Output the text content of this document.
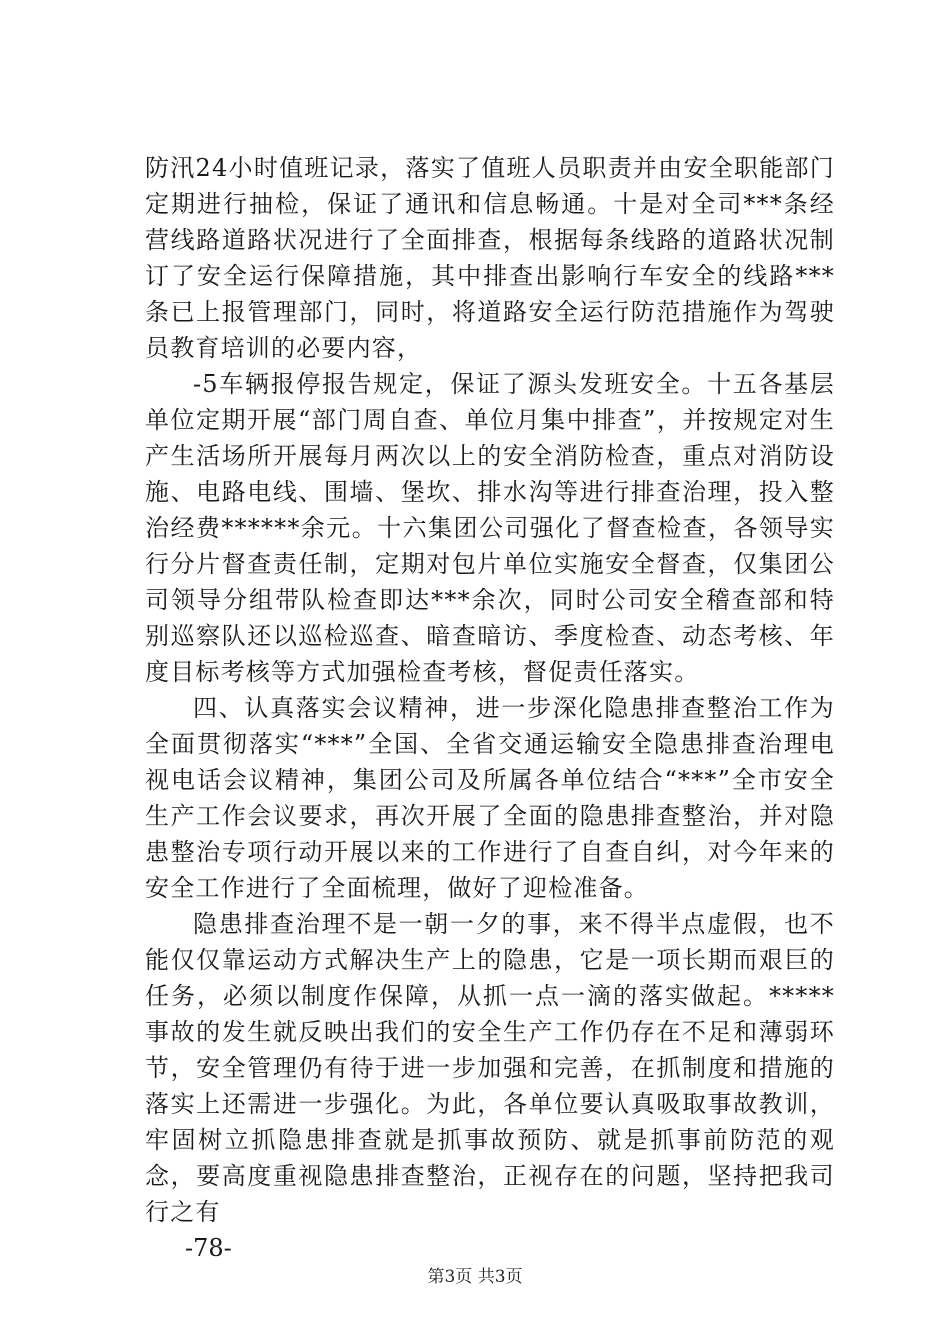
防汛24小时值班记录，落实了值班人员职责并由安全职能部门定期进行抽检，保证了通讯和信息畅通。十是对全司***条经营线路道路状况进行了全面排查，根据每条线路的道路状况制订了安全运行保障措施，其中排查出影响行车安全的线路***条已上报管理部门，同时，将道路安全运行防范措施作为驾驶员教育培训的必要内容，

-5车辆报停报告规定，保证了源头发班安全。十五各基层单位定期开展“部门周自查、单位月集中排查”，并按规定对生产生活场所开展每月两次以上的安全消防检查，重点对消防设施、电路电线、围墙、堡坎、排水沟等进行排查治理，投入整治经费******余元。十六集团公司强化了督查检查，各领导实行分片督查责任制，定期对包片单位实施安全督查，仅集团公司领导分组带队检查即达***余次，同时公司安全稽查部和特别巡察队还以巡检巡查、暗查暗访、季度检查、动态考核、年度目标考核等方式加强检查考核，督促责任落实。

四、认真落实会议精神，进一步深化隐患排查整治工作为全面贯彻落实“***”全国、全省交通运输安全隐患排查治理电视电话会议精神，集团公司及所属各单位结合“***”全市安全生产工作会议要求，再次开展了全面的隐患排查整治，并对隐患整治专项行动开展以来的工作进行了自查自纠，对今年来的安全工作进行了全面梳理，做好了迎检准备。

隐患排查治理不是一朝一夕的事，来不得半点虚假，也不能仅仅靠运动方式解决生产上的隐患，它是一项长期而艰巨的任务，必须以制度作保障，从抓一点一滴的落实做起。*****事故的发生就反映出我们的安全生产工作仍存在不足和薄弱环节，安全管理仍有待于进一步加强和完善，在抓制度和措施的落实上还需进一步强化。为此，各单位要认真吸取事故教训，牢固树立抓隐患排查就是抓事故预防、就是抓事前防范的观念，要高度重视隐患排查整治，正视存在的问题，坚持把我司行之有

-78-

第3页 共3页
